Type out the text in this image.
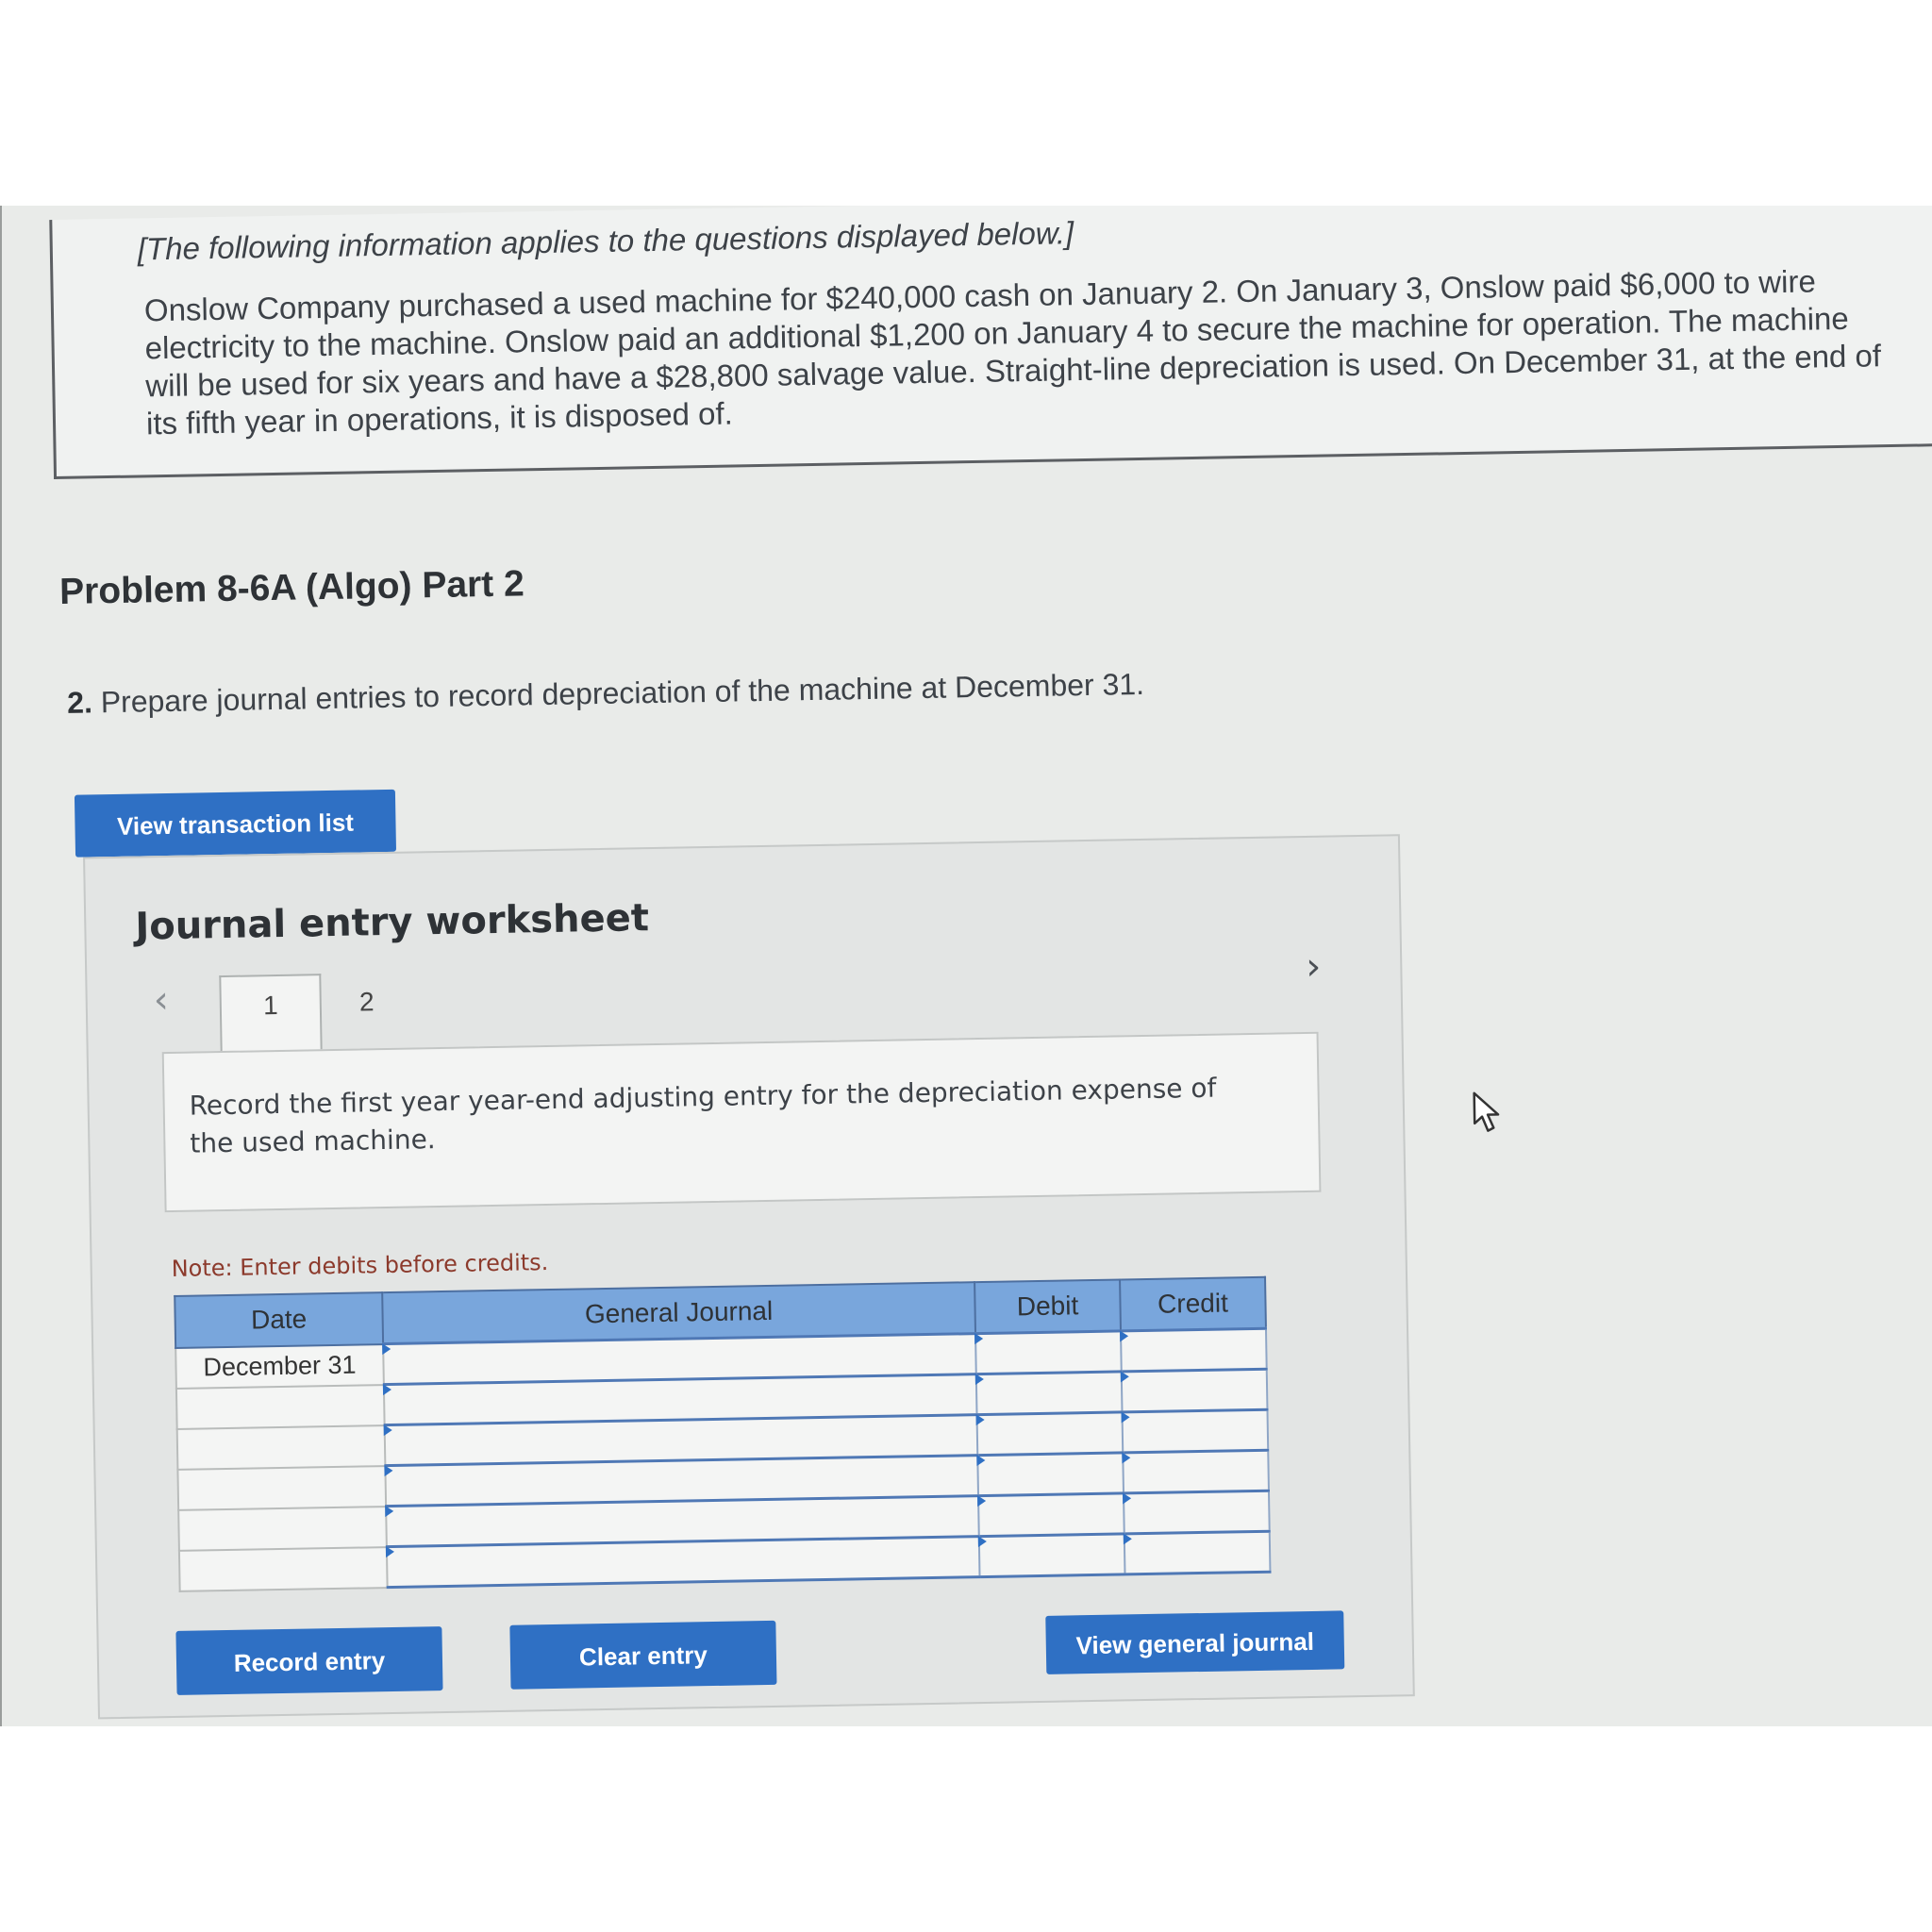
[The following information applies to the questions displayed below.]
Onslow Company purchased a used machine for $240,000 cash on January 2. On January 3, Onslow paid $6,000 to wire electricity to the machine. Onslow paid an additional $1,200 on January 4 to secure the machine for operation. The machine will be used for six years and have a $28,800 salvage value. Straight-line depreciation is used. On December 31, at the end of its fifth year in operations, it is disposed of.
Problem 8-6A (Algo) Part 2
2. Prepare journal entries to record depreciation of the machine at December 31.
View transaction list
Journal entry worksheet
‹
›
1	2
Record the first year year-end adjusting entry for the depreciation expense of the used machine.
Note: Enter debits before credits.
Date	General Journal	Debit	Credit
December 31	

Record entry	Clear entry	View general journal
